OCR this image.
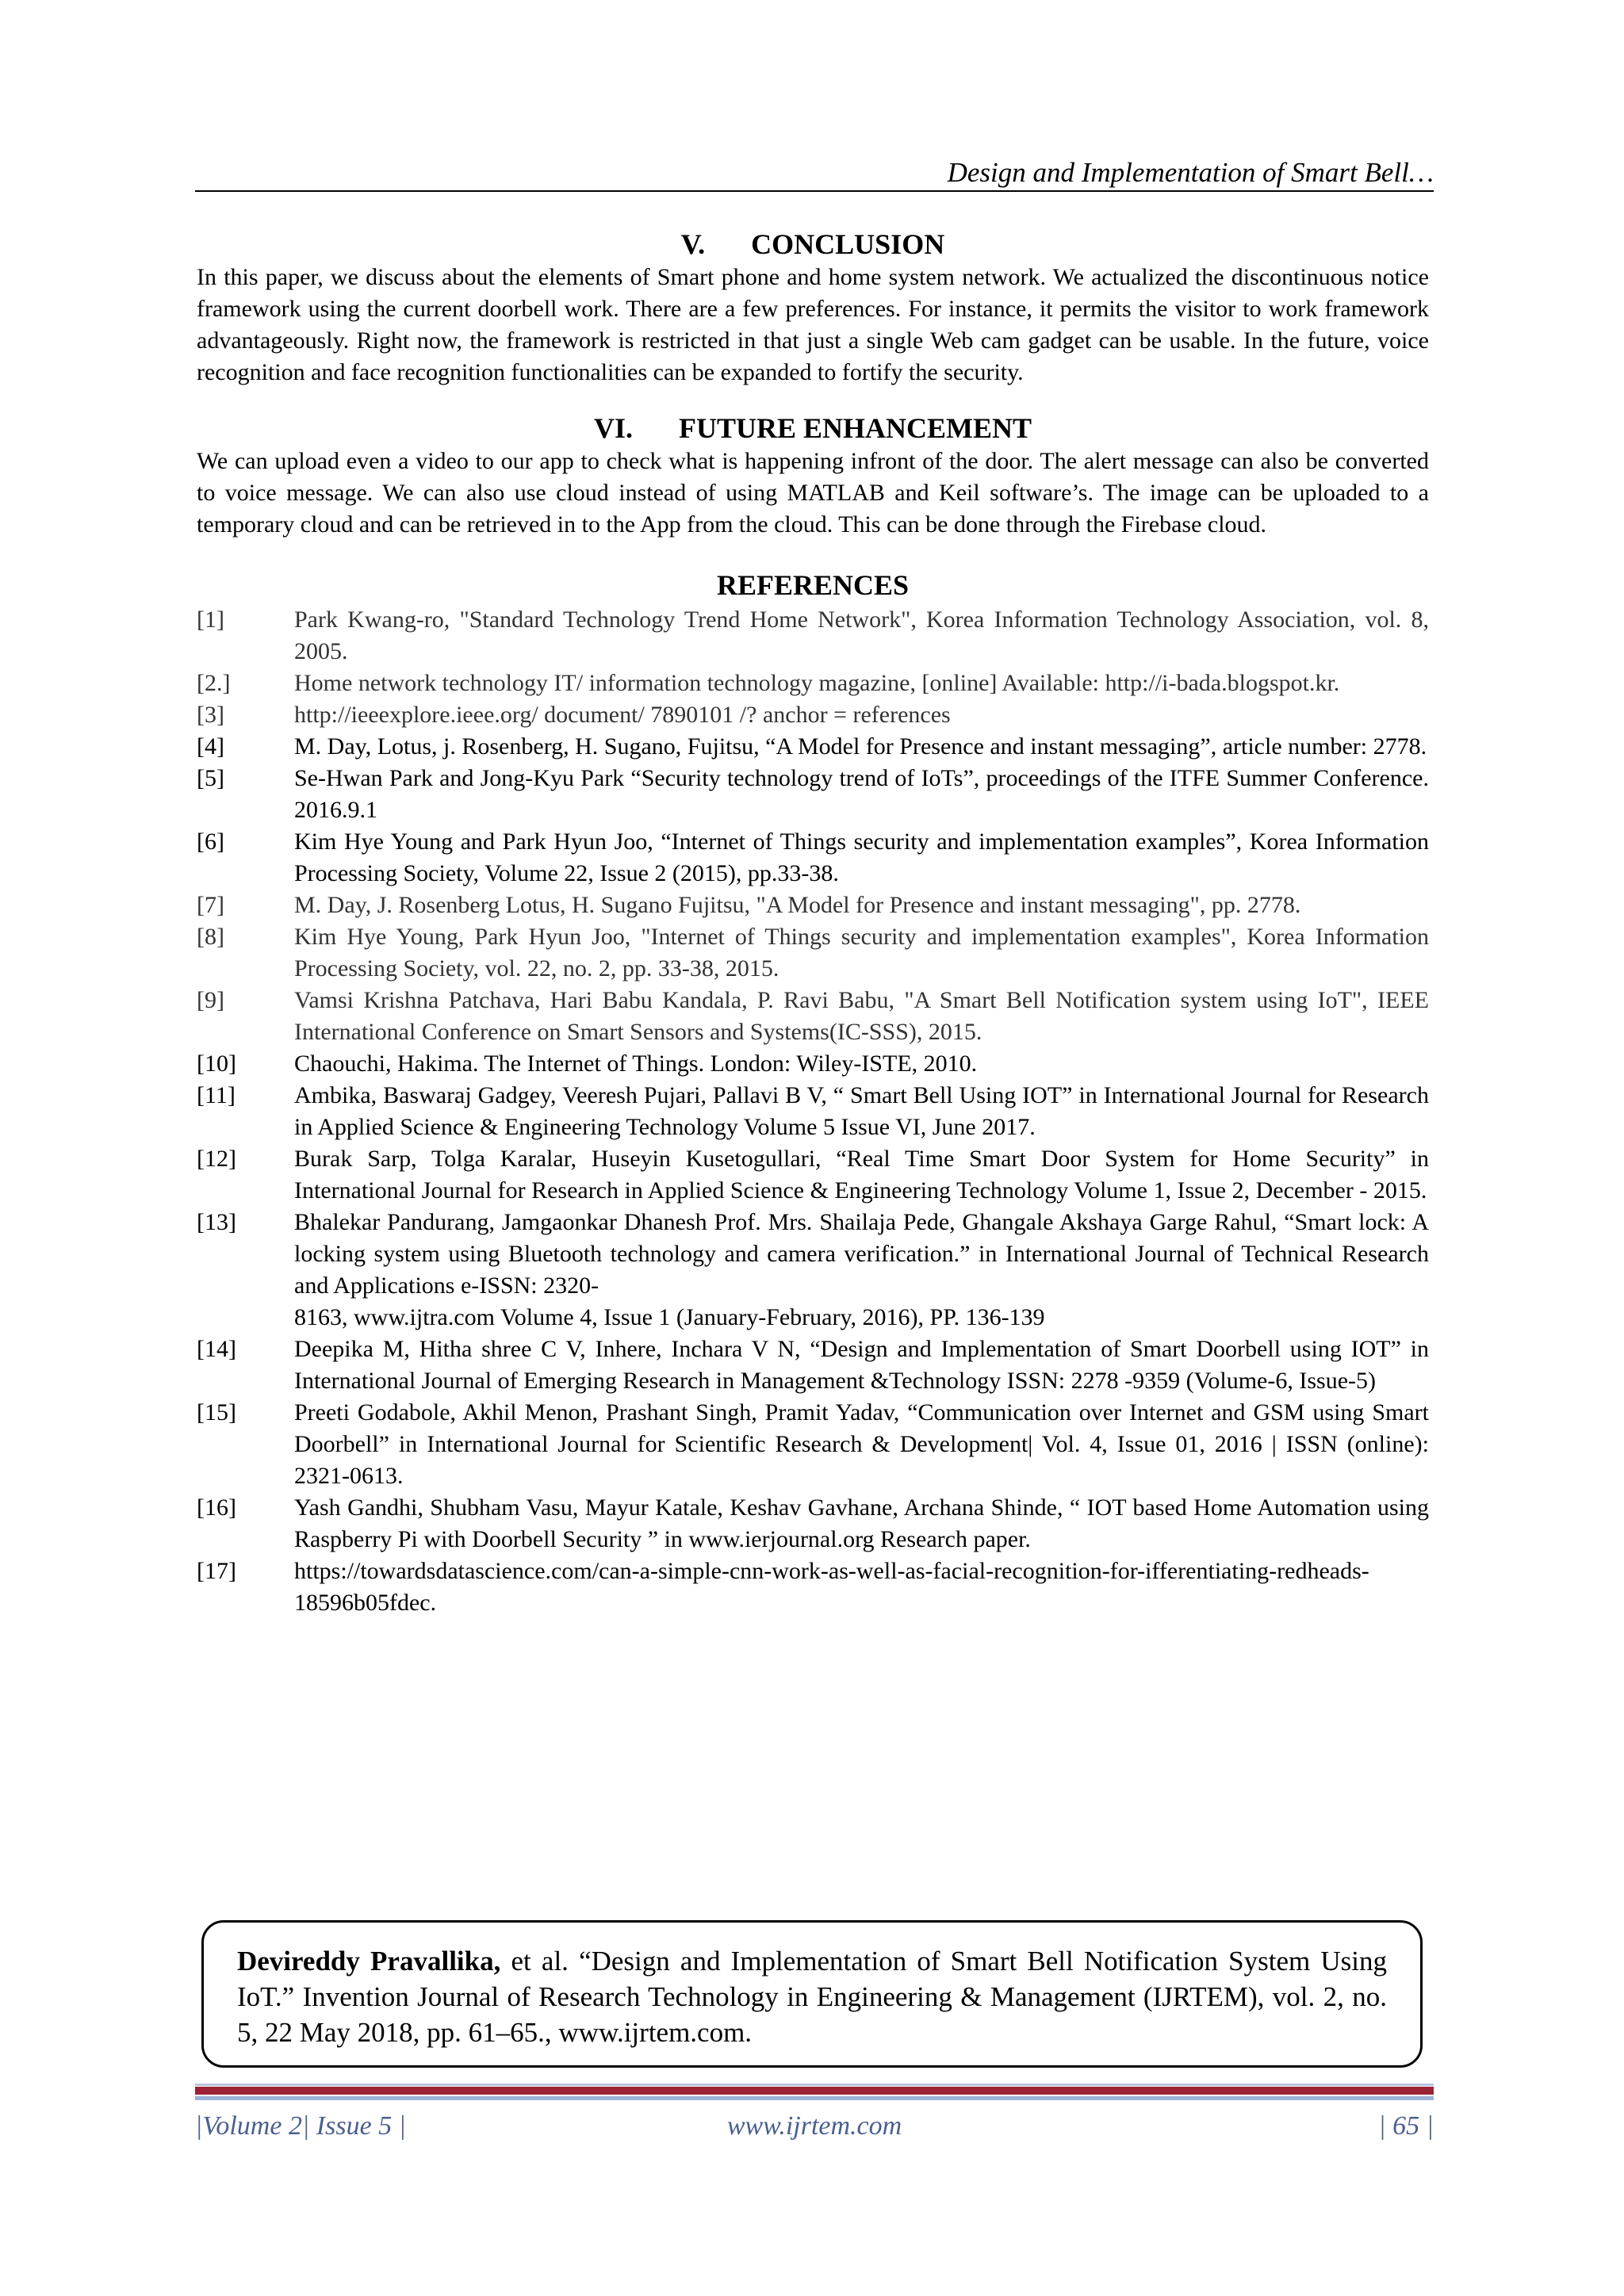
Design and Implementation of Smart Bell…
V. CONCLUSION

In this paper, we discuss about the elements of Smart phone and home system network. We actualized the discontinuous notice framework using the current doorbell work. There are a few preferences. For instance, it permits the visitor to work framework advantageously. Right now, the framework is restricted in that just a single Web cam gadget can be usable. In the future, voice recognition and face recognition functionalities can be expanded to fortify the security.

VI. FUTURE ENHANCEMENT

We can upload even a video to our app to check what is happening infront of the door. The alert message can also be converted to voice message. We can also use cloud instead of using MATLAB and Keil software’s. The image can be uploaded to a temporary cloud and can be retrieved in to the App from the cloud. This can be done through the Firebase cloud.

REFERENCES
[1]	Park Kwang-ro, "Standard Technology Trend Home Network", Korea Information Technology Association, vol. 8, 2005.
[2.]	Home network technology IT/ information technology magazine, [online] Available: http://i-bada.blogspot.kr.
[3]	http://ieeexplore.ieee.org/ document/ 7890101 /? anchor = references
[4]	M. Day, Lotus, j. Rosenberg, H. Sugano, Fujitsu, “A Model for Presence and instant messaging”, article number: 2778.
[5]	Se-Hwan Park and Jong-Kyu Park “Security technology trend of IoTs”, proceedings of the ITFE Summer Conference. 2016.9.1
[6]	Kim Hye Young and Park Hyun Joo, “Internet of Things security and implementation examples”, Korea Information Processing Society, Volume 22, Issue 2 (2015), pp.33-38.
[7]	M. Day, J. Rosenberg Lotus, H. Sugano Fujitsu, "A Model for Presence and instant messaging", pp. 2778.
[8]	Kim Hye Young, Park Hyun Joo, "Internet of Things security and implementation examples", Korea Information Processing Society, vol. 22, no. 2, pp. 33-38, 2015.
[9]	Vamsi Krishna Patchava, Hari Babu Kandala, P. Ravi Babu, "A Smart Bell Notification system using IoT", IEEE International Conference on Smart Sensors and Systems(IC-SSS), 2015.
[10]	Chaouchi, Hakima. The Internet of Things. London: Wiley-ISTE, 2010.
[11]	Ambika, Baswaraj Gadgey, Veeresh Pujari, Pallavi B V, “ Smart Bell Using IOT” in International Journal for Research in Applied Science & Engineering Technology Volume 5 Issue VI, June 2017.
[12]	Burak Sarp, Tolga Karalar, Huseyin Kusetogullari, “Real Time Smart Door System for Home Security” in International Journal for Research in Applied Science & Engineering Technology Volume 1, Issue 2, December - 2015.
[13]	Bhalekar Pandurang, Jamgaonkar Dhanesh Prof. Mrs. Shailaja Pede, Ghangale Akshaya Garge Rahul, “Smart lock: A locking system using Bluetooth technology and camera verification.” in International Journal of Technical Research and Applications e-ISSN: 2320-
8163, www.ijtra.com Volume 4, Issue 1 (January-February, 2016), PP. 136-139
[14]	Deepika M, Hitha shree C V, Inhere, Inchara V N, “Design and Implementation of Smart Doorbell using IOT” in International Journal of Emerging Research in Management &Technology ISSN: 2278 -9359 (Volume-6, Issue-5)
[15]	Preeti Godabole, Akhil Menon, Prashant Singh, Pramit Yadav, “Communication over Internet and GSM using Smart Doorbell” in International Journal for Scientific Research & Development| Vol. 4, Issue 01, 2016 | ISSN (online): 2321-0613.
[16]	Yash Gandhi, Shubham Vasu, Mayur Katale, Keshav Gavhane, Archana Shinde, “ IOT based Home Automation using Raspberry Pi with Doorbell Security ” in www.ierjournal.org Research paper.
[17]	https://towardsdatascience.com/can-a-simple-cnn-work-as-well-as-facial-recognition-for-ifferentiating-redheads-18596b05fdec.
Devireddy Pravallika, et al. “Design and Implementation of Smart Bell Notification System Using IoT.” Invention Journal of Research Technology in Engineering & Management (IJRTEM), vol. 2, no. 5, 22 May 2018, pp. 61–65., www.ijrtem.com.
|Volume 2| Issue 5 |	www.ijrtem.com	| 65 |
